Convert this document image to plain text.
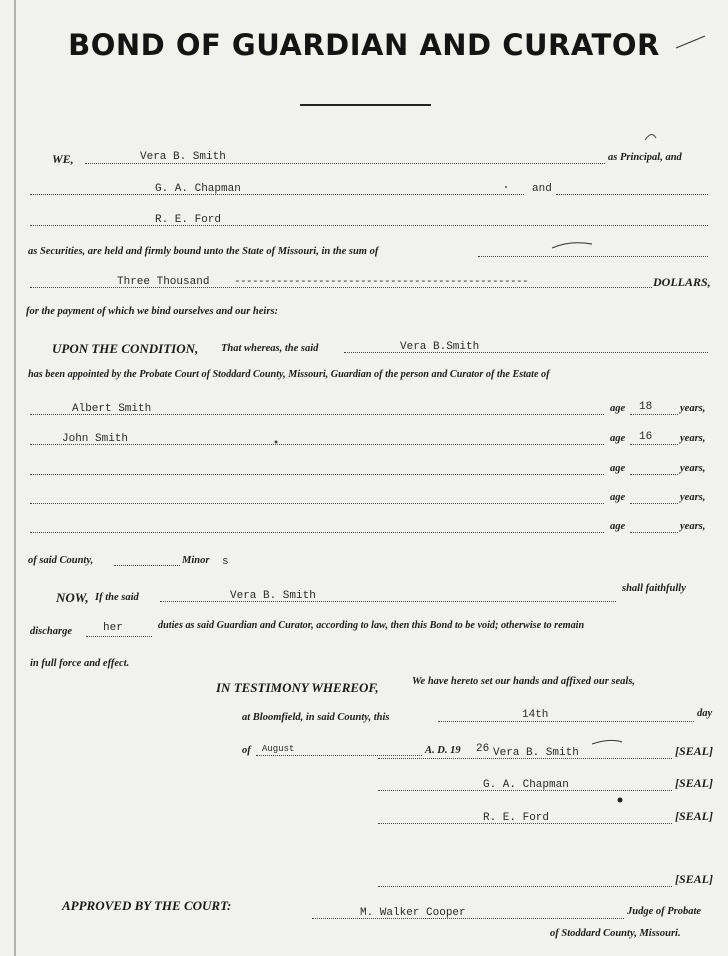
BOND OF GUARDIAN AND CURATOR
WE,	Vera B. Smith	as Principal, and
G. A. Chapman	and
R. E. Ford
as Securities, are held and firmly bound unto the State of Missouri, in the sum of
Three Thousand -------------------------------------------------	DOLLARS,
for the payment of which we bind ourselves and our heirs:
UPON THE CONDITION, That whereas, the said	Vera B.Smith
has been appointed by the Probate Court of Stoddard County, Missouri, Guardian of the person and Curator of the Estate of
Albert Smith	age 18	years,
John Smith	age 16	years,
age	years,
age	years,
age	years,
of said County,	Minor s
NOW, If the said	Vera B. Smith
shall faithfully
discharge	her	duties as said Guardian and Curator, according to law, then this Bond to be void; otherwise to remain
in full force and effect.
IN TESTIMONY WHEREOF,	We have hereto set our hands and affixed our seals,
at Bloomfield, in said County, this	14th	day
of August	A. D. 19 26 Vera B. Smith	[SEAL]
G. A. Chapman	[SEAL]
R. E. Ford	[SEAL]
[SEAL]
APPROVED BY THE COURT:	M. Walker Cooper	Judge of Probate
of Stoddard County, Missouri.
